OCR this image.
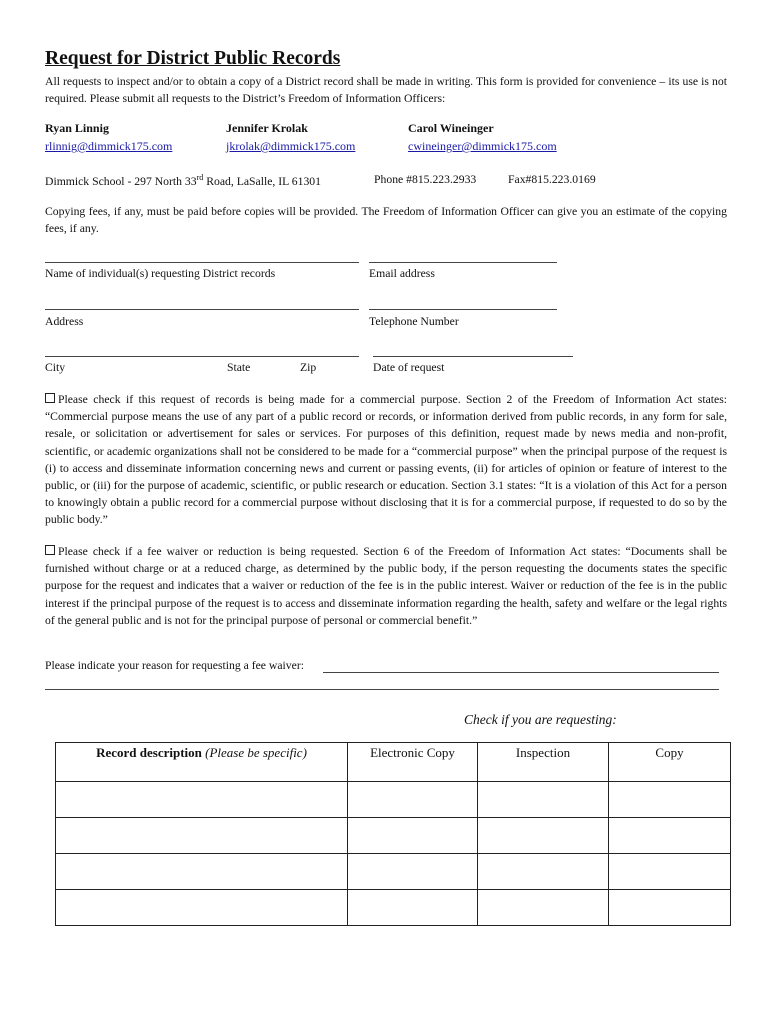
Request for District Public Records
All requests to inspect and/or to obtain a copy of a District record shall be made in writing. This form is provided for convenience – its use is not required. Please submit all requests to the District’s Freedom of Information Officers:
Ryan Linnig	Jennifer Krolak	Carol Wineinger
rlinnig@dimmick175.com	jkrolak@dimmick175.com	cwineinger@dimmick175.com
Dimmick School - 297 North 33rd Road, LaSalle, IL 61301	Phone #815.223.2933	Fax#815.223.0169
Copying fees, if any, must be paid before copies will be provided. The Freedom of Information Officer can give you an estimate of the copying fees, if any.
Name of individual(s) requesting District records	Email address
Address	Telephone Number
City	State	Zip	Date of request
Please check if this request of records is being made for a commercial purpose. Section 2 of the Freedom of Information Act states: “Commercial purpose means the use of any part of a public record or records, or information derived from public records, in any form for sale, resale, or solicitation or advertisement for sales or services. For purposes of this definition, request made by news media and non-profit, scientific, or academic organizations shall not be considered to be made for a “commercial purpose” when the principal purpose of the request is (i) to access and disseminate information concerning news and current or passing events, (ii) for articles of opinion or feature of interest to the public, or (iii) for the purpose of academic, scientific, or public research or education. Section 3.1 states: “It is a violation of this Act for a person to knowingly obtain a public record for a commercial purpose without disclosing that it is for a commercial purpose, if requested to do so by the public body.”
Please check if a fee waiver or reduction is being requested. Section 6 of the Freedom of Information Act states: “Documents shall be furnished without charge or at a reduced charge, as determined by the public body, if the person requesting the documents states the specific purpose for the request and indicates that a waiver or reduction of the fee is in the public interest. Waiver or reduction of the fee is in the public interest if the principal purpose of the request is to access and disseminate information regarding the health, safety and welfare or the legal rights of the general public and is not for the principal purpose of personal or commercial benefit.”
Please indicate your reason for requesting a fee waiver:
Check if you are requesting:
Record description (Please be specific)	Electronic Copy	Inspection	Copy
